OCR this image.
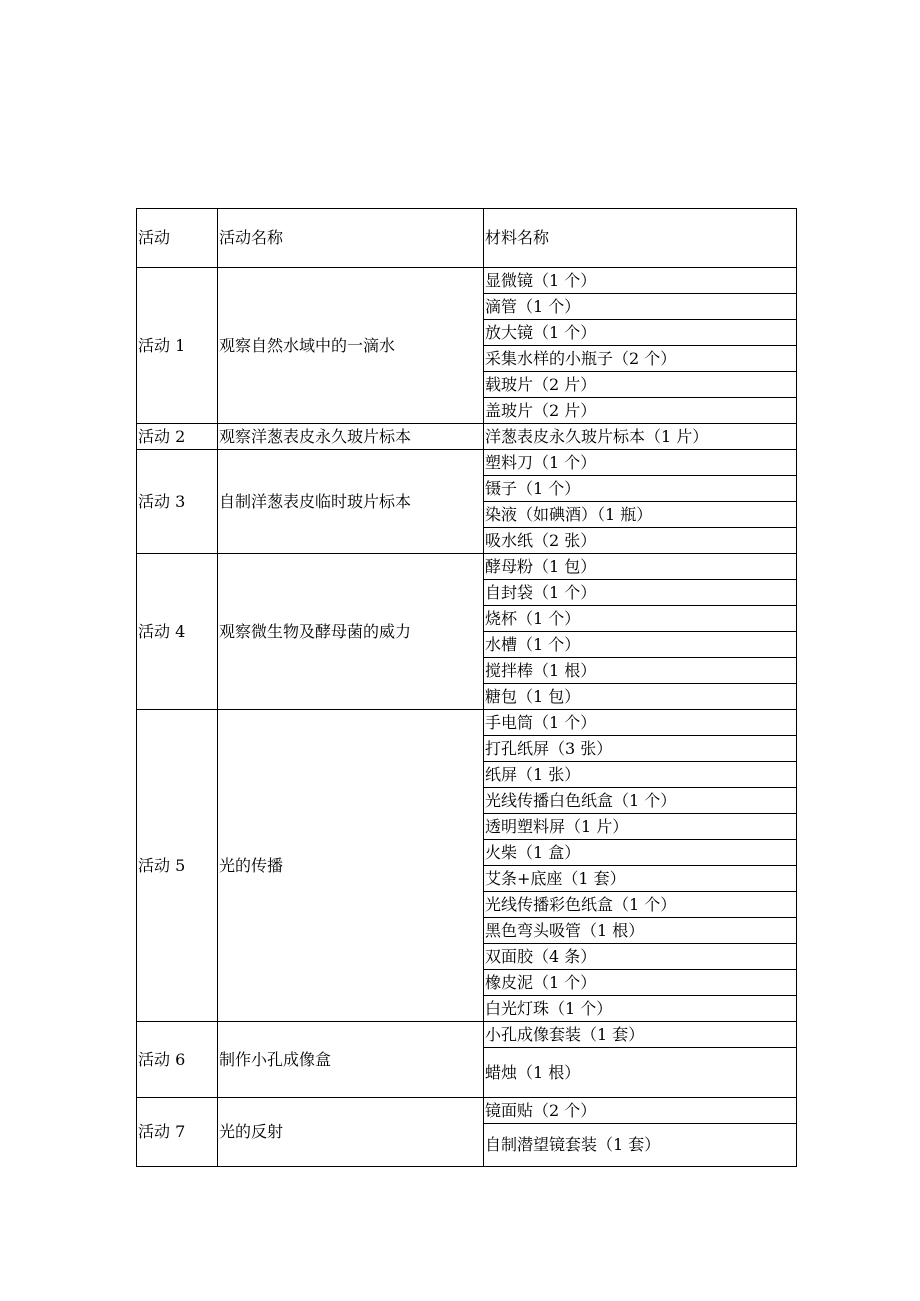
活动	活动名称	材料名称
活动 1	观察自然水域中的一滴水	显微镜（1 个）
		滴管（1 个）
		放大镜（1 个）
		采集水样的小瓶子（2 个）
		载玻片（2 片）
		盖玻片（2 片）
活动 2	观察洋葱表皮永久玻片标本	洋葱表皮永久玻片标本（1 片）
活动 3	自制洋葱表皮临时玻片标本	塑料刀（1 个）
		镊子（1 个）
		染液（如碘酒）（1 瓶）
		吸水纸（2 张）
活动 4	观察微生物及酵母菌的威力	酵母粉（1 包）
		自封袋（1 个）
		烧杯（1 个）
		水槽（1 个）
		搅拌棒（1 根）
		糖包（1 包）
活动 5	光的传播	手电筒（1 个）
		打孔纸屏（3 张）
		纸屏（1 张）
		光线传播白色纸盒（1 个）
		透明塑料屏（1 片）
		火柴（1 盒）
		艾条+底座（1 套）
		光线传播彩色纸盒（1 个）
		黑色弯头吸管（1 根）
		双面胶（4 条）
		橡皮泥（1 个）
		白光灯珠（1 个）
活动 6	制作小孔成像盒	小孔成像套装（1 套）
		蜡烛（1 根）
活动 7	光的反射	镜面贴（2 个）
		自制潜望镜套装（1 套）
